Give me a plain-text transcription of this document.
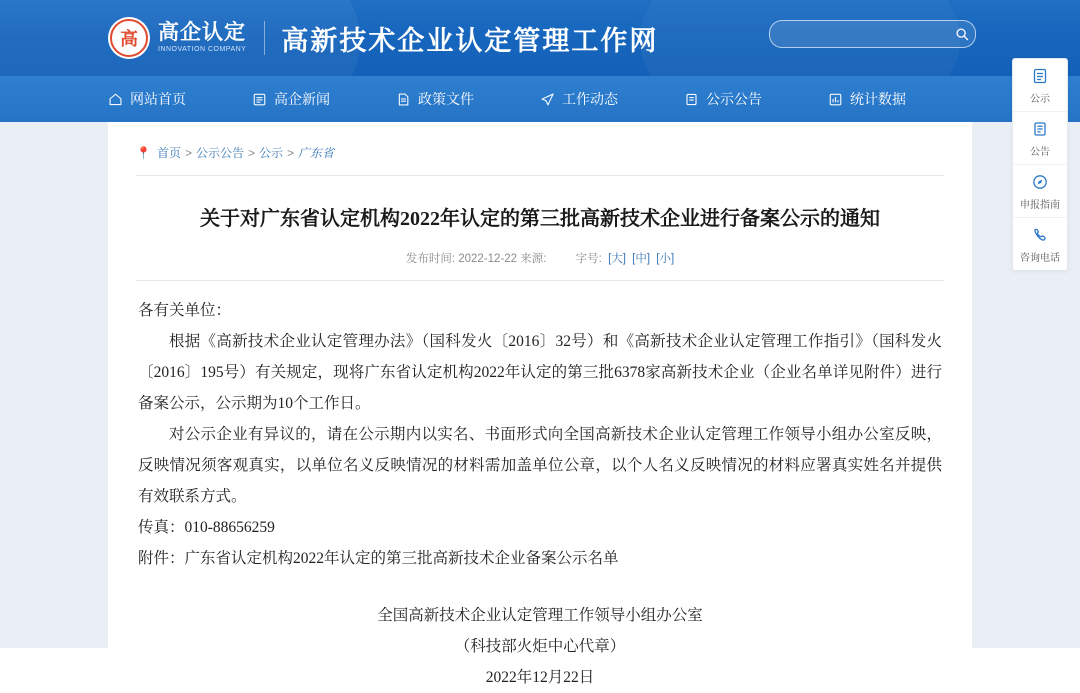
高 高企认定
INNOVATION COMPANY 高新技术企业认定管理工作网
网站首页	高企新闻	政策文件	工作动态	公示公告	统计数据
📍 首页 > 公示公告 > 公示 > 广东省
关于对广东省认定机构2022年认定的第三批高新技术企业进行备案公示的通知
发布时间: 2022-12-22 来源:	字号: [大] [中] [小]

各有关单位：

根据《高新技术企业认定管理办法》（国科发火〔2016〕32号）和《高新技术企业认定管理工作指引》（国科发火〔2016〕195号）有关规定，现将广东省认定机构2022年认定的第三批6378家高新技术企业（企业名单详见附件）进行备案公示，公示期为10个工作日。

对公示企业有异议的，请在公示期内以实名、书面形式向全国高新技术企业认定管理工作领导小组办公室反映，反映情况须客观真实，以单位名义反映情况的材料需加盖单位公章，以个人名义反映情况的材料应署真实姓名并提供有效联系方式。

传真：010-88656259

附件：广东省认定机构2022年认定的第三批高新技术企业备案公示名单

全国高新技术企业认定管理工作领导小组办公室

（科技部火炬中心代章）

2022年12月22日

公示
公告
申报指南
咨询电话
